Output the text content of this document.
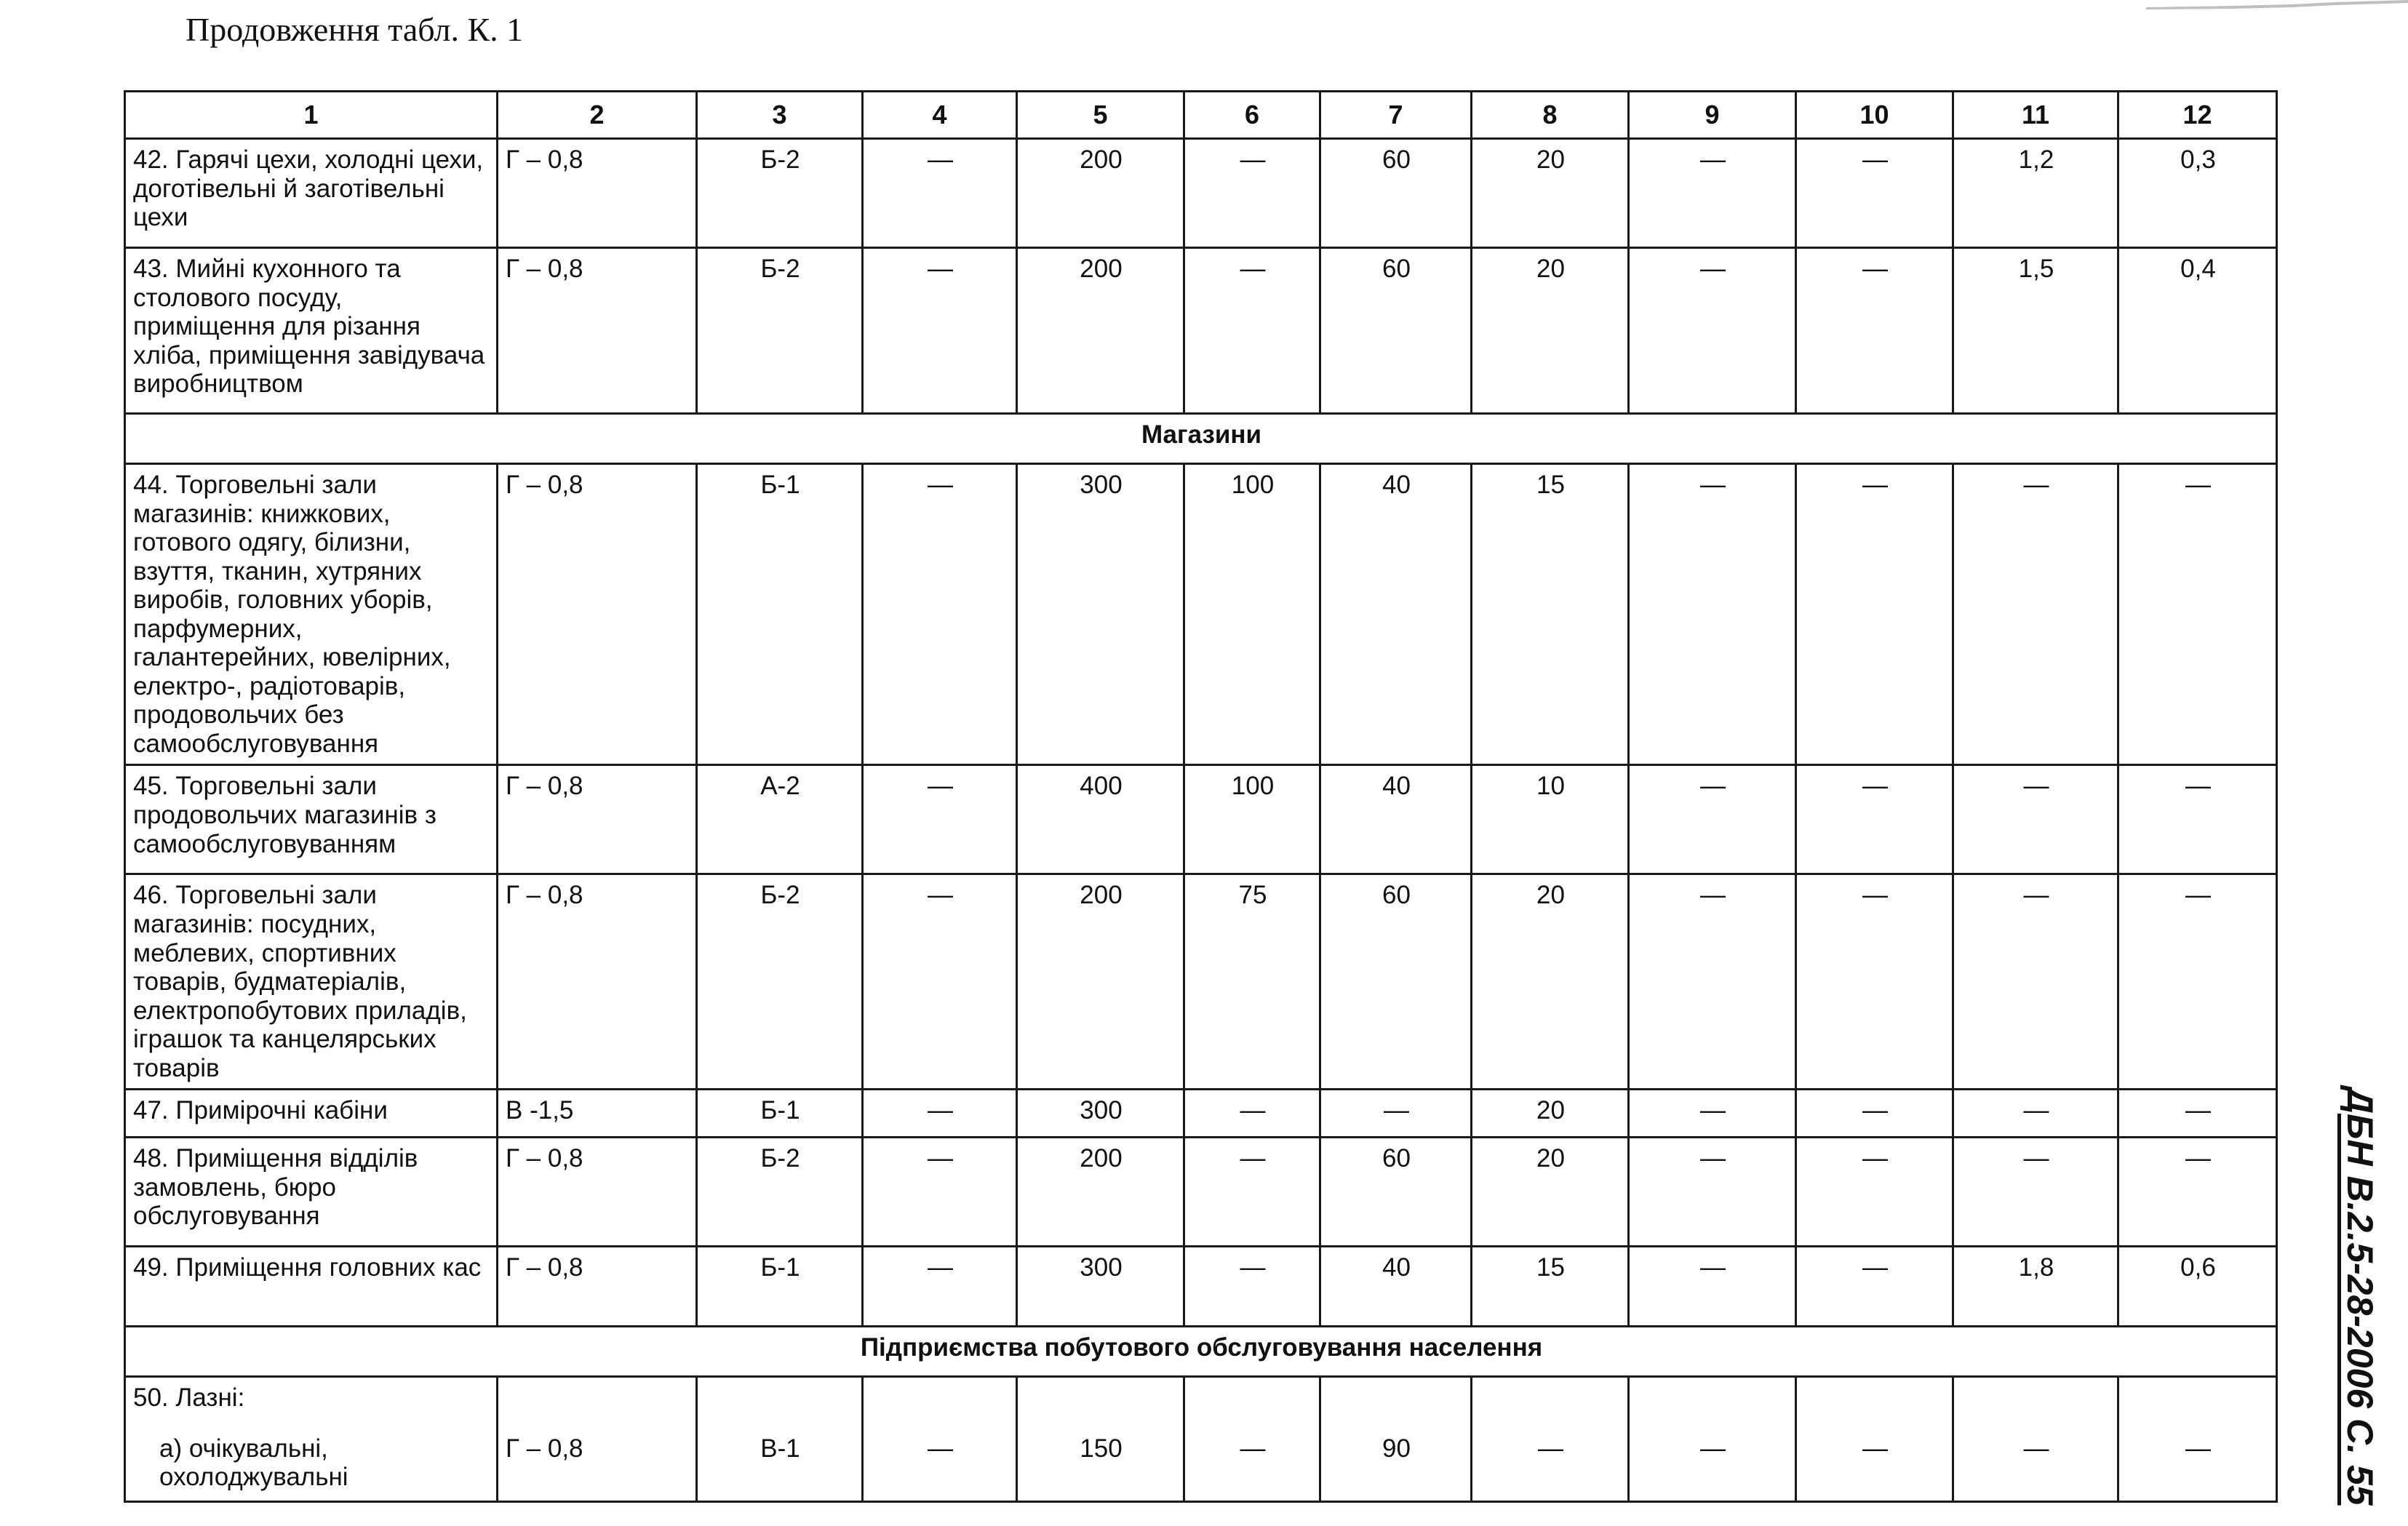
Продовження табл. К. 1
1	2	3	4	5	6	7	8	9	10	11	12
42. Гарячі цехи, холодні цехи, доготівельні й заготівельні цехи	Г – 0,8	Б-2	—	200	—	60	20	—	—	1,2	0,3
43. Мийні кухонного та столового посуду, приміщення для різання хліба, приміщення завідувача виробництвом	Г – 0,8	Б-2	—	200	—	60	20	—	—	1,5	0,4
Магазини											
44. Торговельні зали магазинів: книжкових, готового одягу, білизни, взуття, тканин, хутряних виробів, головних уборів, парфумерних, галантерейних, ювелірних, електро-, радіотоварів, продовольчих без самообслуговування	Г – 0,8	Б-1	—	300	100	40	15	—	—	—	—
45. Торговельні зали продовольчих магазинів з самообслуговуванням	Г – 0,8	А-2	—	400	100	40	10	—	—	—	—
46. Торговельні зали магазинів: посудних, меблевих, спортивних товарів, будматеріалів, електропобутових приладів, іграшок та канцелярських товарів	Г – 0,8	Б-2	—	200	75	60	20	—	—	—	—
47. Примірочні кабіни	В -1,5	Б-1	—	300	—	—	20	—	—	—	—
48. Приміщення відділів замовлень, бюро обслуговування	Г – 0,8	Б-2	—	200	—	60	20	—	—	—	—
49. Приміщення головних кас	Г – 0,8	Б-1	—	300	—	40	15	—	—	1,8	0,6
Підприємства побутового обслуговування населення											
50. Лазні:
а) очікувальні, охолоджувальні	Г – 0,8	В-1	—	150	—	90	—	—	—	—	—	ДБН В.2.5-28-2006 С. 55
